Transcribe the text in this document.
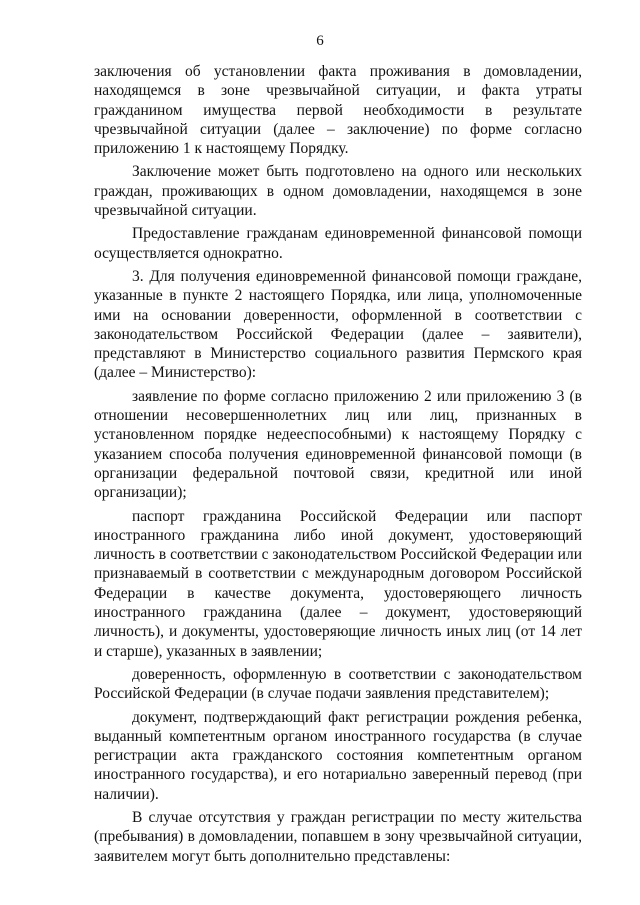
6

заключения об установлении факта проживания в домовладении, находящемся в зоне чрезвычайной ситуации, и факта утраты гражданином имущества первой необходимости в результате чрезвычайной ситуации (далее – заключение) по форме согласно приложению 1 к настоящему Порядку.

Заключение может быть подготовлено на одного или нескольких граждан, проживающих в одном домовладении, находящемся в зоне чрезвычайной ситуации.

Предоставление гражданам единовременной финансовой помощи осуществляется однократно.

3. Для получения единовременной финансовой помощи граждане, указанные в пункте 2 настоящего Порядка, или лица, уполномоченные ими на основании доверенности, оформленной в соответствии с законодательством Российской Федерации (далее – заявители), представляют в Министерство социального развития Пермского края (далее – Министерство):

заявление по форме согласно приложению 2 или приложению 3 (в отношении несовершеннолетних лиц или лиц, признанных в установленном порядке недееспособными) к настоящему Порядку с указанием способа получения единовременной финансовой помощи (в организации федеральной почтовой связи, кредитной или иной организации);

паспорт гражданина Российской Федерации или паспорт иностранного гражданина либо иной документ, удостоверяющий личность в соответствии с законодательством Российской Федерации или признаваемый в соответствии с международным договором Российской Федерации в качестве документа, удостоверяющего личность иностранного гражданина (далее – документ, удостоверяющий личность), и документы, удостоверяющие личность иных лиц (от 14 лет и старше), указанных в заявлении;

доверенность, оформленную в соответствии с законодательством Российской Федерации (в случае подачи заявления представителем);

документ, подтверждающий факт регистрации рождения ребенка, выданный компетентным органом иностранного государства (в случае регистрации акта гражданского состояния компетентным органом иностранного государства), и его нотариально заверенный перевод (при наличии).

В случае отсутствия у граждан регистрации по месту жительства (пребывания) в домовладении, попавшем в зону чрезвычайной ситуации, заявителем могут быть дополнительно представлены:
